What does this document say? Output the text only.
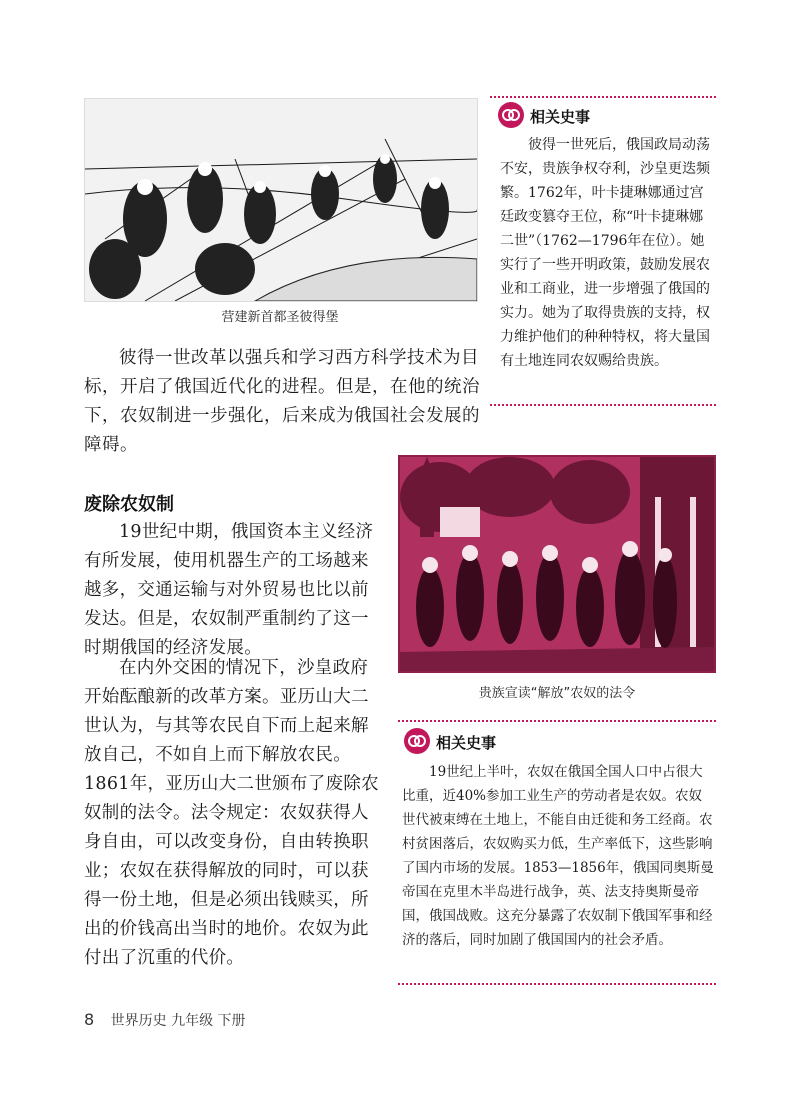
营建新首都圣彼得堡
彼得一世改革以强兵和学习西方科学技术为目标，开启了俄国近代化的进程。但是，在他的统治下，农奴制进一步强化，后来成为俄国社会发展的障碍。
相关史事
彼得一世死后，俄国政局动荡不安，贵族争权夺利，沙皇更迭频繁。1762年，叶卡捷琳娜通过宫廷政变篡夺王位，称“叶卡捷琳娜二世”（1762—1796年在位）。她实行了一些开明政策，鼓励发展农业和工商业，进一步增强了俄国的实力。她为了取得贵族的支持，权力维护他们的种种特权，将大量国有土地连同农奴赐给贵族。
废除农奴制
19世纪中期，俄国资本主义经济有所发展，使用机器生产的工场越来越多，交通运输与对外贸易也比以前发达。但是，农奴制严重制约了这一时期俄国的经济发展。
在内外交困的情况下，沙皇政府开始酝酿新的改革方案。亚历山大二世认为，与其等农民自下而上起来解放自己，不如自上而下解放农民。1861年，亚历山大二世颁布了废除农奴制的法令。法令规定：农奴获得人身自由，可以改变身份，自由转换职业；农奴在获得解放的同时，可以获得一份土地，但是必须出钱赎买，所出的价钱高出当时的地价。农奴为此付出了沉重的代价。
贵族宣读“解放”农奴的法令
相关史事
19世纪上半叶，农奴在俄国全国人口中占很大比重，近40%参加工业生产的劳动者是农奴。农奴世代被束缚在土地上，不能自由迁徙和务工经商。农村贫困落后，农奴购买力低，生产率低下，这些影响了国内市场的发展。1853—1856年，俄国同奥斯曼帝国在克里木半岛进行战争，英、法支持奥斯曼帝国，俄国战败。这充分暴露了农奴制下俄国军事和经济的落后，同时加剧了俄国国内的社会矛盾。
8 世界历史 九年级 下册
